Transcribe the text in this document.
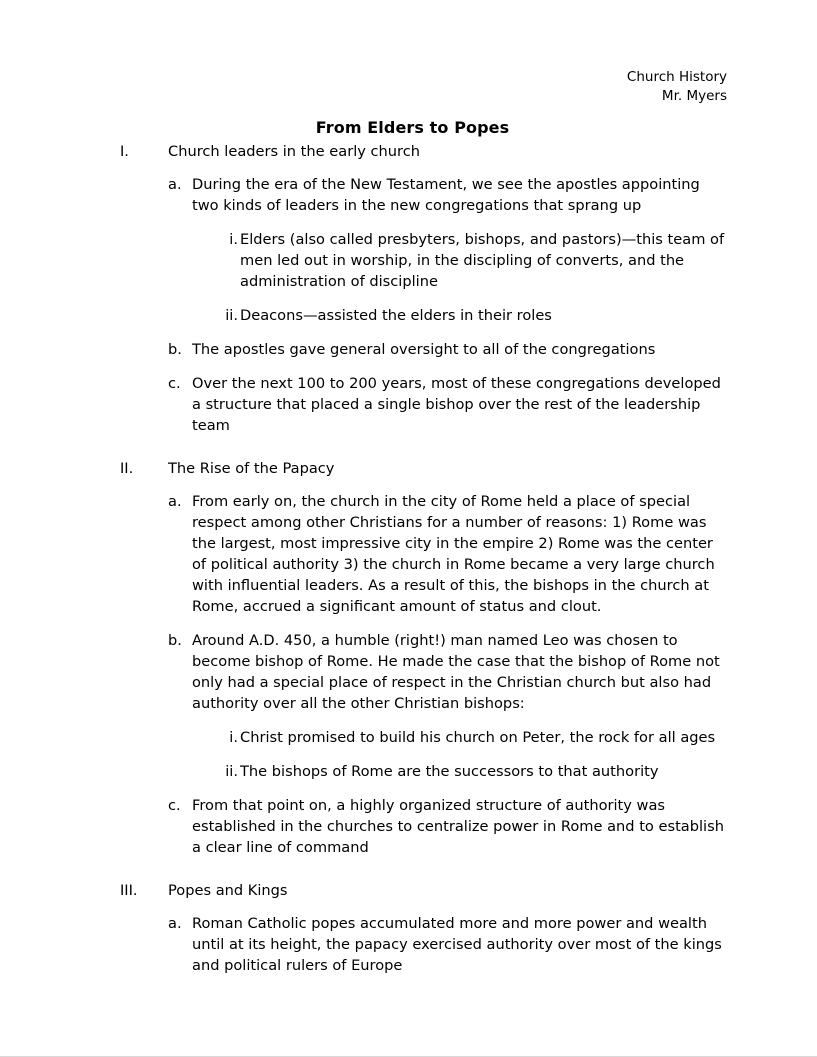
Church History
Mr. Myers
From Elders to Popes
I.	Church leaders in the early church
a. During the era of the New Testament, we see the apostles appointing two kinds of leaders in the new congregations that sprang up
i. Elders (also called presbyters, bishops, and pastors)—this team of men led out in worship, in the discipling of converts, and the administration of discipline
ii. Deacons—assisted the elders in their roles
b. The apostles gave general oversight to all of the congregations
c. Over the next 100 to 200 years, most of these congregations developed a structure that placed a single bishop over the rest of the leadership team
II.	The Rise of the Papacy
a. From early on, the church in the city of Rome held a place of special respect among other Christians for a number of reasons: 1) Rome was the largest, most impressive city in the empire 2) Rome was the center of political authority 3) the church in Rome became a very large church with influential leaders. As a result of this, the bishops in the church at Rome, accrued a significant amount of status and clout.
b. Around A.D. 450, a humble (right!) man named Leo was chosen to become bishop of Rome. He made the case that the bishop of Rome not only had a special place of respect in the Christian church but also had authority over all the other Christian bishops:
i. Christ promised to build his church on Peter, the rock for all ages
ii. The bishops of Rome are the successors to that authority
c. From that point on, a highly organized structure of authority was established in the churches to centralize power in Rome and to establish a clear line of command
III.	Popes and Kings
a. Roman Catholic popes accumulated more and more power and wealth until at its height, the papacy exercised authority over most of the kings and political rulers of Europe
